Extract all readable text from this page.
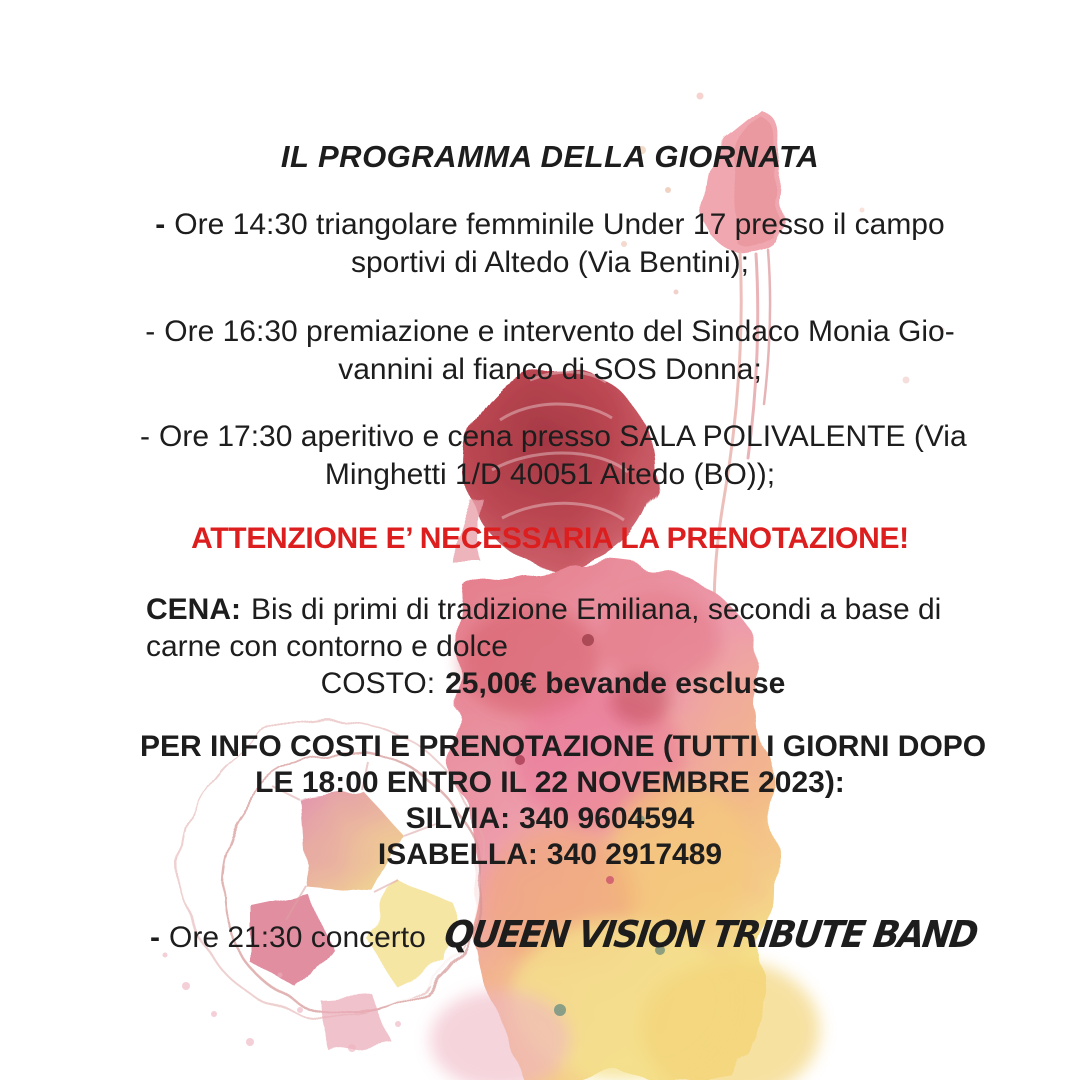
IL PROGRAMMA DELLA GIORNATA
- Ore 14:30 triangolare femminile Under 17 presso il campo
sportivi di Altedo (Via Bentini);
- Ore 16:30 premiazione e intervento del Sindaco Monia Gio-
vannini al fianco di SOS Donna;
- Ore 17:30 aperitivo e cena presso SALA POLIVALENTE (Via
Minghetti 1/D 40051 Altedo (BO));
ATTENZIONE E’ NECESSARIA LA PRENOTAZIONE!
CENA: Bis di primi di tradizione Emiliana, secondi a base di
carne con contorno e dolce
COSTO: 25,00€ bevande escluse
PER INFO COSTI E PRENOTAZIONE (TUTTI I GIORNI DOPO
LE 18:00 ENTRO IL 22 NOVEMBRE 2023):
SILVIA: 340 9604594
ISABELLA: 340 2917489
- Ore 21:30 concerto QUEEN VISION TRIBUTE BAND
